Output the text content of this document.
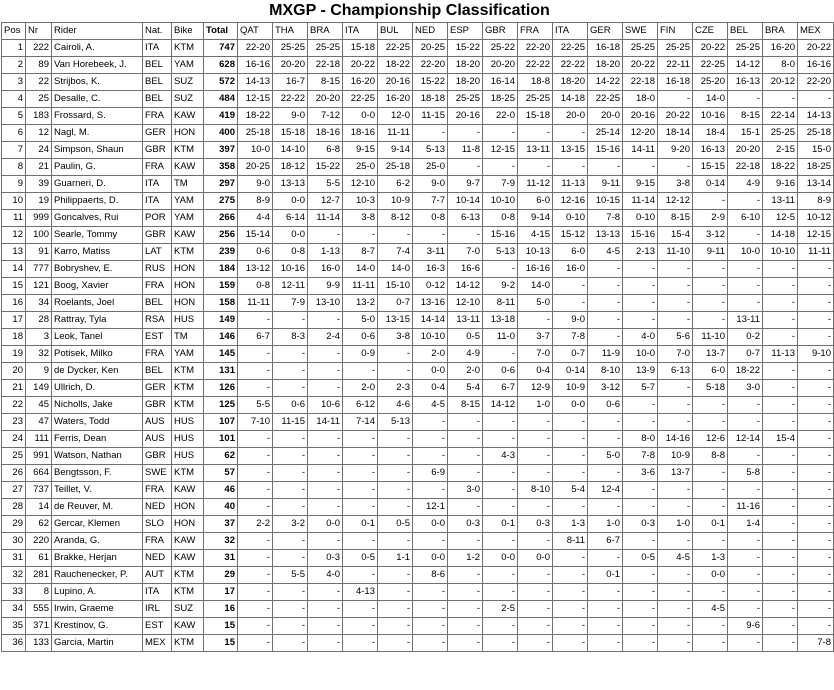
MXGP - Championship Classification
Pos	Nr	Rider	Nat.	Bike	Total	QAT	THA	BRA	ITA	BUL	NED	ESP	GBR	FRA	ITA	GER	SWE	FIN	CZE	BEL	BRA	MEX
1	222	Cairoli, A.	ITA	KTM	747	22-20	25-25	25-25	15-18	22-25	20-25	15-22	25-22	22-20	22-25	16-18	25-25	25-25	20-22	25-25	16-20	20-22
2	89	Van Horebeek, J.	BEL	YAM	628	16-16	20-20	22-18	20-22	18-22	22-20	18-20	20-20	22-22	22-22	18-20	20-22	22-11	22-25	14-12	8-0	16-16
3	22	Strijbos, K.	BEL	SUZ	572	14-13	16-7	8-15	16-20	20-16	15-22	18-20	16-14	18-8	18-20	14-22	22-18	16-18	25-20	16-13	20-12	22-20
4	25	Desalle, C.	BEL	SUZ	484	12-15	22-22	20-20	22-25	16-20	18-18	25-25	18-25	25-25	14-18	22-25	18-0	-	14-0	-	-	-
5	183	Frossard, S.	FRA	KAW	419	18-22	9-0	7-12	0-0	12-0	11-15	20-16	22-0	15-18	20-0	20-0	20-16	20-22	10-16	8-15	22-14	14-13
6	12	Nagl, M.	GER	HON	400	25-18	15-18	18-16	18-16	11-11	-	-	-	-	-	25-14	12-20	18-14	18-4	15-1	25-25	25-18
7	24	Simpson, Shaun	GBR	KTM	397	10-0	14-10	6-8	9-15	9-14	5-13	11-8	12-15	13-11	13-15	15-16	14-11	9-20	16-13	20-20	2-15	15-0
8	21	Paulin, G.	FRA	KAW	358	20-25	18-12	15-22	25-0	25-18	25-0	-	-	-	-	-	-	-	15-15	22-18	18-22	18-25
9	39	Guarneri, D.	ITA	TM	297	9-0	13-13	5-5	12-10	6-2	9-0	9-7	7-9	11-12	11-13	9-11	9-15	3-8	0-14	4-9	9-16	13-14
10	19	Philippaerts, D.	ITA	YAM	275	8-9	0-0	12-7	10-3	10-9	7-7	10-14	10-10	6-0	12-16	10-15	11-14	12-12	-	-	13-11	8-9
11	999	Goncalves, Rui	POR	YAM	266	4-4	6-14	11-14	3-8	8-12	0-8	6-13	0-8	9-14	0-10	7-8	0-10	8-15	2-9	6-10	12-5	10-12
12	100	Searle, Tommy	GBR	KAW	256	15-14	0-0	-	-	-	-	-	15-16	4-15	15-12	13-13	15-16	15-4	3-12	-	14-18	12-15
13	91	Karro, Matiss	LAT	KTM	239	0-6	0-8	1-13	8-7	7-4	3-11	7-0	5-13	10-13	6-0	4-5	2-13	11-10	9-11	10-0	10-10	11-11
14	777	Bobryshev, E.	RUS	HON	184	13-12	10-16	16-0	14-0	14-0	16-3	16-6	-	16-16	16-0	-	-	-	-	-	-	-
15	121	Boog, Xavier	FRA	HON	159	0-8	12-11	9-9	11-11	15-10	0-12	14-12	9-2	14-0	-	-	-	-	-	-	-	-
16	34	Roelants, Joel	BEL	HON	158	11-11	7-9	13-10	13-2	0-7	13-16	12-10	8-11	5-0	-	-	-	-	-	-	-	-
17	28	Rattray, Tyla	RSA	HUS	149	-	-	-	5-0	13-15	14-14	13-11	13-18	-	9-0	-	-	-	-	13-11	-	-
18	3	Leok, Tanel	EST	TM	146	6-7	8-3	2-4	0-6	3-8	10-10	0-5	11-0	3-7	7-8	-	4-0	5-6	11-10	0-2	-	-
19	32	Potisek, Milko	FRA	YAM	145	-	-	-	0-9	-	2-0	4-9	-	7-0	0-7	11-9	10-0	7-0	13-7	0-7	11-13	9-10
20	9	de Dycker, Ken	BEL	KTM	131	-	-	-	-	-	0-0	2-0	0-6	0-4	0-14	8-10	13-9	6-13	6-0	18-22	-	-
21	149	Ullrich, D.	GER	KTM	126	-	-	-	2-0	2-3	0-4	5-4	6-7	12-9	10-9	3-12	5-7	-	5-18	3-0	-	-
22	45	Nicholls, Jake	GBR	KTM	125	5-5	0-6	10-6	6-12	4-6	4-5	8-15	14-12	1-0	0-0	0-6	-	-	-	-	-	-
23	47	Waters, Todd	AUS	HUS	107	7-10	11-15	14-11	7-14	5-13	-	-	-	-	-	-	-	-	-	-	-	-
24	111	Ferris, Dean	AUS	HUS	101	-	-	-	-	-	-	-	-	-	-	-	8-0	14-16	12-6	12-14	15-4	-
25	991	Watson, Nathan	GBR	HUS	62	-	-	-	-	-	-	-	4-3	-	-	5-0	7-8	10-9	8-8	-	-	-
26	664	Bengtsson, F.	SWE	KTM	57	-	-	-	-	-	6-9	-	-	-	-	-	3-6	13-7	-	5-8	-	-
27	737	Teillet, V.	FRA	KAW	46	-	-	-	-	-	-	3-0	-	8-10	5-4	12-4	-	-	-	-	-	-
28	14	de Reuver, M.	NED	HON	40	-	-	-	-	-	12-1	-	-	-	-	-	-	-	-	11-16	-	-
29	62	Gercar, Klemen	SLO	HON	37	2-2	3-2	0-0	0-1	0-5	0-0	0-3	0-1	0-3	1-3	1-0	0-3	1-0	0-1	1-4	-	-
30	220	Aranda, G.	FRA	KAW	32	-	-	-	-	-	-	-	-	-	8-11	6-7	-	-	-	-	-	-
31	61	Brakke, Herjan	NED	KAW	31	-	-	0-3	0-5	1-1	0-0	1-2	0-0	0-0	-	-	0-5	4-5	1-3	-	-	-
32	281	Rauchenecker, P.	AUT	KTM	29	-	5-5	4-0	-	-	8-6	-	-	-	-	0-1	-	-	0-0	-	-	-
33	8	Lupino, A.	ITA	KTM	17	-	-	-	4-13	-	-	-	-	-	-	-	-	-	-	-	-	-
34	555	Irwin, Graeme	IRL	SUZ	16	-	-	-	-	-	-	-	2-5	-	-	-	-	-	4-5	-	-	-
35	371	Krestinov, G.	EST	KAW	15	-	-	-	-	-	-	-	-	-	-	-	-	-	-	9-6	-	-
36	133	Garcia, Martin	MEX	KTM	15	-	-	-	-	-	-	-	-	-	-	-	-	-	-	-	-	7-8
